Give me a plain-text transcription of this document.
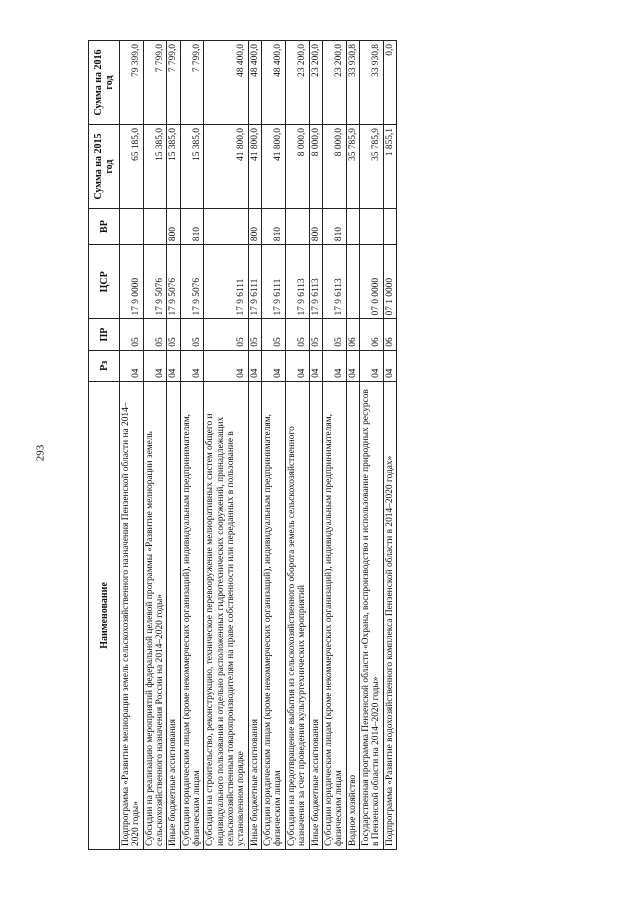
293
Наименование	Рз	ПР	ЦСР	ВР	Сумма на 2015 год	Сумма на 2016 год
Подпрограмма «Развитие мелиорации земель сельскохозяйственного назначения Пензенской области на 2014–2020 годы»	04	05	17 9 0000		65 185,0	79 399,0
Субсидии на реализацию мероприятий федеральной целевой программы «Развитие мелиорации земель сельскохозяйственного назначения России на 2014–2020 годы»	04	05	17 9 5076		15 385,0	7 799,0
Иные бюджетные ассигнования	04	05	17 9 5076	800	15 385,0	7 799,0
Субсидии юридическим лицам (кроме некоммерческих организаций), индивидуальным предпринимателям, физическим лицам	04	05	17 9 5076	810	15 385,0	7 799,0
Субсидии на строительство, реконструкцию, техническое перевооружение мелиоративных систем общего и индивидуального пользования и отдельно расположенных гидротехнических сооружений, принадлежащих сельскохозяйственным товаропроизводителям на праве собственности или переданных в пользование в установленном порядке	04	05	17 9 6111		41 800,0	48 400,0
Иные бюджетные ассигнования	04	05	17 9 6111	800	41 800,0	48 400,0
Субсидии юридическим лицам (кроме некоммерческих организаций), индивидуальным предпринимателям, физическим лицам	04	05	17 9 6111	810	41 800,0	48 400,0
Субсидии на предотвращение выбытия из сельскохозяйственного оборота земель сельскохозяйственного назначения за счет проведения культуртехнических мероприятий	04	05	17 9 6113		8 000,0	23 200,0
Иные бюджетные ассигнования	04	05	17 9 6113	800	8 000,0	23 200,0
Субсидии юридическим лицам (кроме некоммерческих организаций), индивидуальным предпринимателям, физическим лицам	04	05	17 9 6113	810	8 000,0	23 200,0
Водное хозяйство	04	06			35 785,9	33 930,8
Государственная программа Пензенской области «Охрана, воспроизводство и использование природных ресурсов в Пензенской области на 2014–2020 годы»	04	06	07 0 0000		35 785,9	33 930,8
Подпрограмма «Развитие водохозяйственного комплекса Пензенской области в 2014–2020 годах»	04	06	07 1 0000		1 855,1	0,0
